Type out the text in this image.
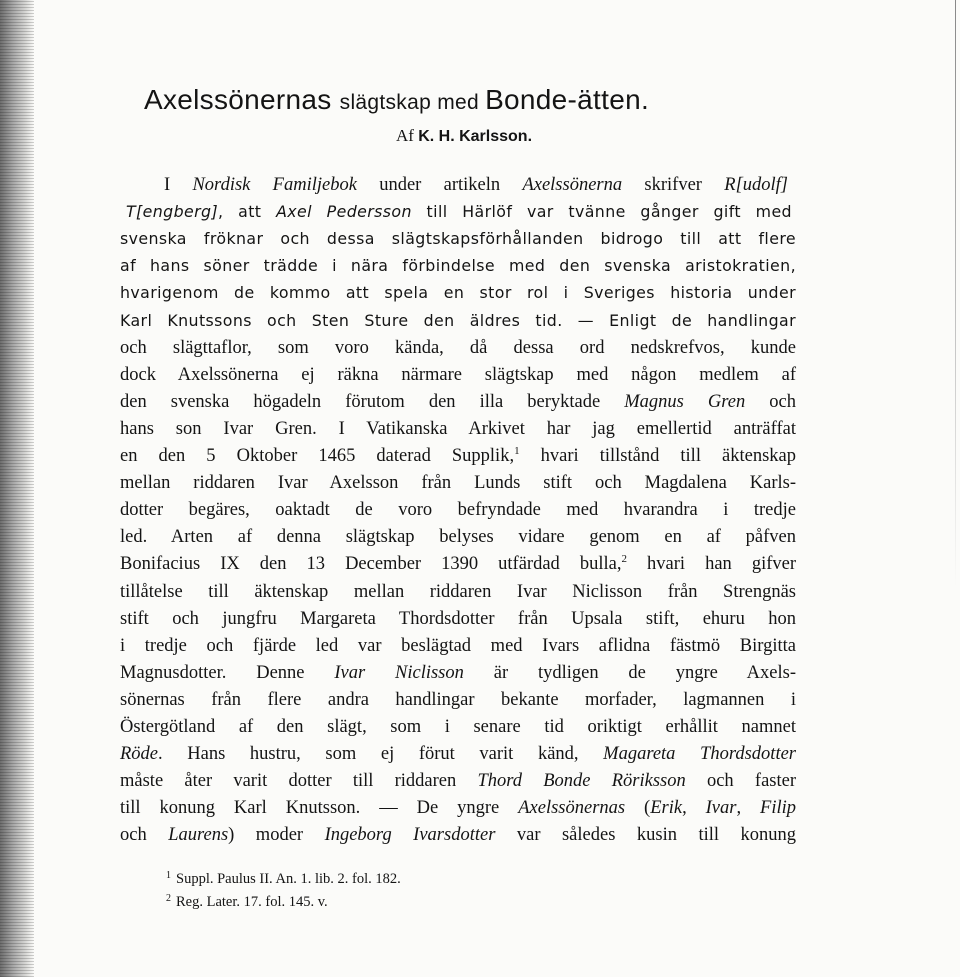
Axelssönernas slägtskap med Bonde-ätten.

Af K. H. Karlsson.

I Nordisk Familjebok under artikeln Axelssönerna skrifver R[udolf]
T[engberg], att Axel Pedersson till Härlöf var tvänne gånger gift med
svenska fröknar och dessa slägtskapsförhållanden bidrogo till att flere
af hans söner trädde i nära förbindelse med den svenska aristokratien,
hvarigenom de kommo att spela en stor rol i Sveriges historia under
Karl Knutssons och Sten Sture den äldres tid. — Enligt de handlingar
och slägttaflor, som voro kända, då dessa ord nedskrefvos, kunde
dock Axelssönerna ej räkna närmare slägtskap med någon medlem af
den svenska högadeln förutom den illa beryktade Magnus Gren och
hans son Ivar Gren. I Vatikanska Arkivet har jag emellertid anträffat
en den 5 Oktober 1465 daterad Supplik,$^1$ hvari tillstånd till äktenskap
mellan riddaren Ivar Axelsson från Lunds stift och Magdalena Karls-
dotter begäres, oaktadt de voro befryndade med hvarandra i tredje
led. Arten af denna slägtskap belyses vidare genom en af påfven
Bonifacius IX den 13 December 1390 utfärdad bulla,$^2$ hvari han gifver
tillåtelse till äktenskap mellan riddaren Ivar Niclisson från Strengnäs
stift och jungfru Margareta Thordsdotter från Upsala stift, ehuru hon
i tredje och fjärde led var beslägtad med Ivars aflidna fästmö Birgitta
Magnusdotter. Denne Ivar Niclisson är tydligen de yngre Axels-
sönernas från flere andra handlingar bekante morfader, lagmannen i
Östergötland af den slägt, som i senare tid oriktigt erhållit namnet
Röde. Hans hustru, som ej förut varit känd, Magareta Thordsdotter
måste åter varit dotter till riddaren Thord Bonde Röriksson och faster
till konung Karl Knutsson. — De yngre Axelssönernas (Erik, Ivar, Filip
och Laurens) moder Ingeborg Ivarsdotter var således kusin till konung
$^1$ Suppl. Paulus II. An. 1. lib. 2. fol. 182.
$^2$ Reg. Later. 17. fol. 145. v.
